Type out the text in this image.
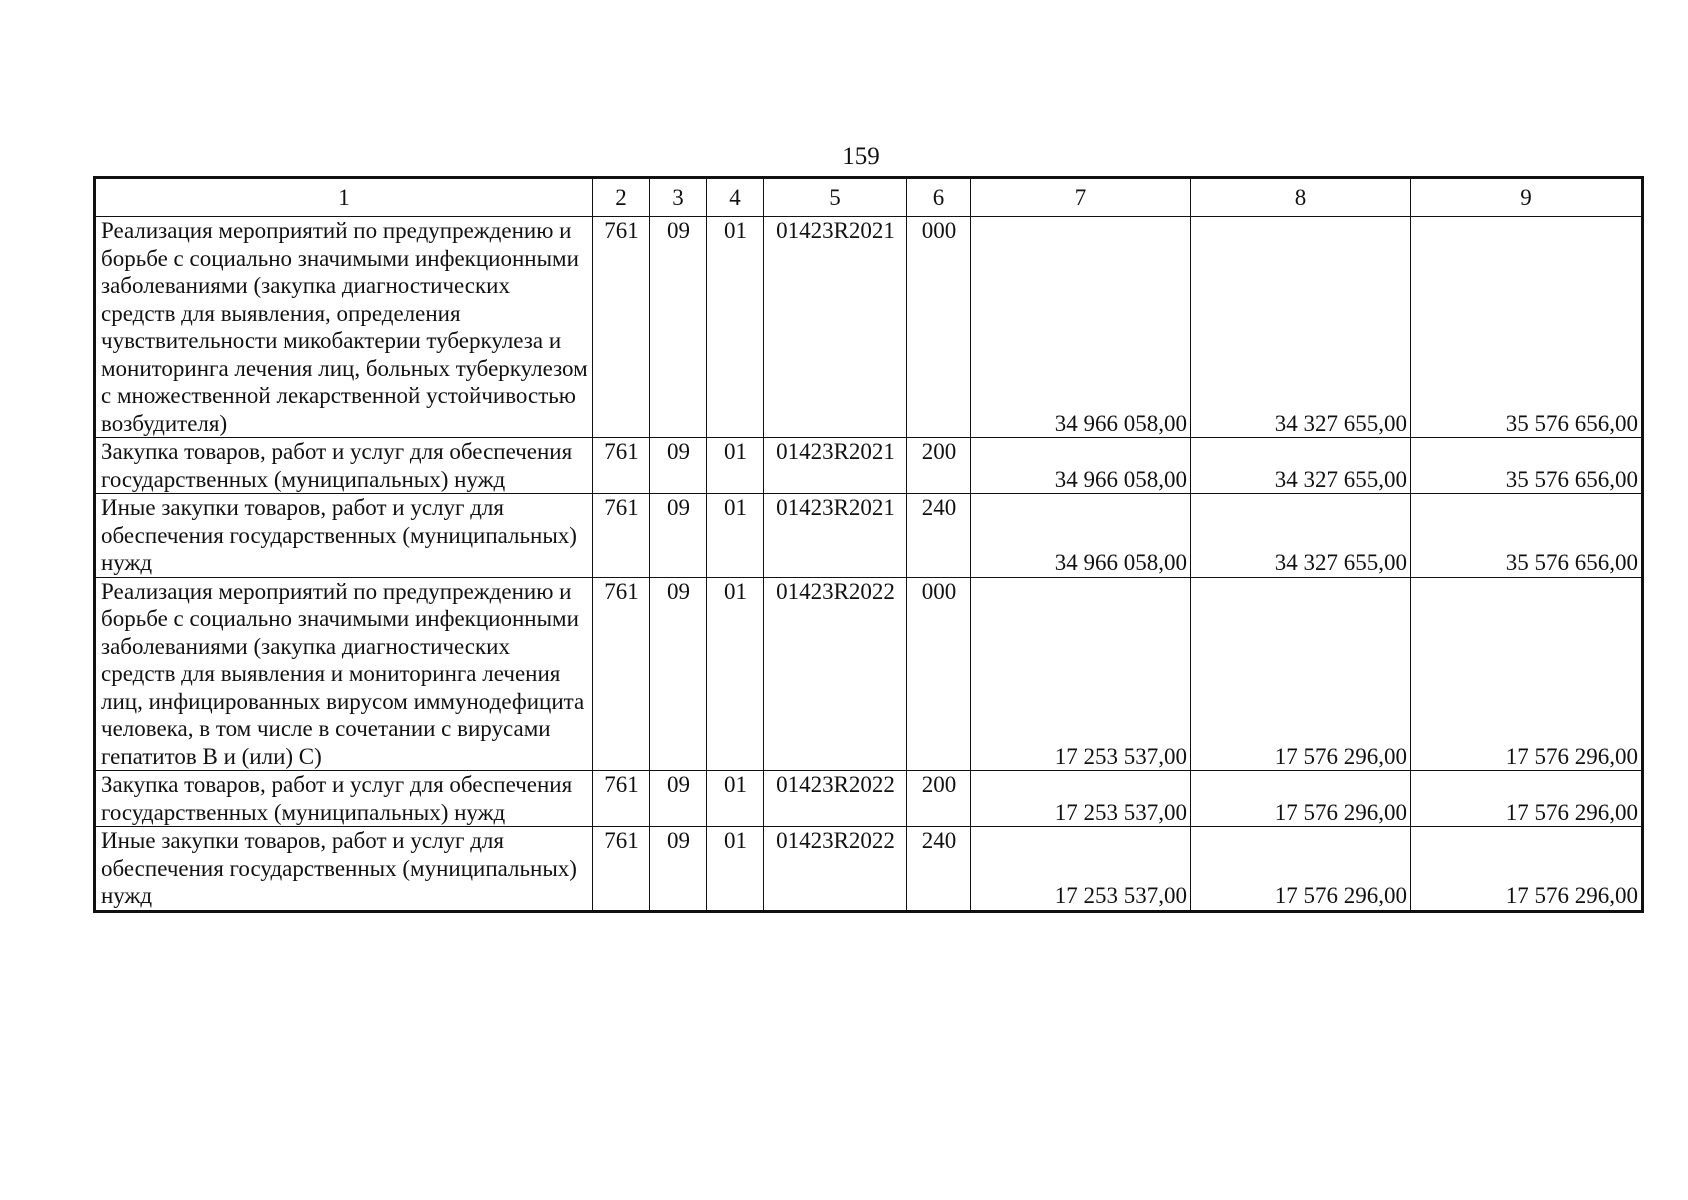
159
1	2	3	4	5	6	7	8	9
Реализация мероприятий по предупреждению и борьбе с социально значимыми инфекционными заболеваниями (закупка диагностических средств для выявления, определения чувствительности микобактерии туберкулеза и мониторинга лечения лиц, больных туберкулезом с множественной лекарственной устойчивостью возбудителя)	761	09	01	01423R2021	000	34 966 058,00	34 327 655,00	35 576 656,00
Закупка товаров, работ и услуг для обеспечения государственных (муниципальных) нужд	761	09	01	01423R2021	200	34 966 058,00	34 327 655,00	35 576 656,00
Иные закупки товаров, работ и услуг для обеспечения государственных (муниципальных) нужд	761	09	01	01423R2021	240	34 966 058,00	34 327 655,00	35 576 656,00
Реализация мероприятий по предупреждению и борьбе с социально значимыми инфекционными заболеваниями (закупка диагностических средств для выявления и мониторинга лечения лиц, инфицированных вирусом иммунодефицита человека, в том числе в сочетании с вирусами гепатитов В и (или) С)	761	09	01	01423R2022	000	17 253 537,00	17 576 296,00	17 576 296,00
Закупка товаров, работ и услуг для обеспечения государственных (муниципальных) нужд	761	09	01	01423R2022	200	17 253 537,00	17 576 296,00	17 576 296,00
Иные закупки товаров, работ и услуг для обеспечения государственных (муниципальных) нужд	761	09	01	01423R2022	240	17 253 537,00	17 576 296,00	17 576 296,00
